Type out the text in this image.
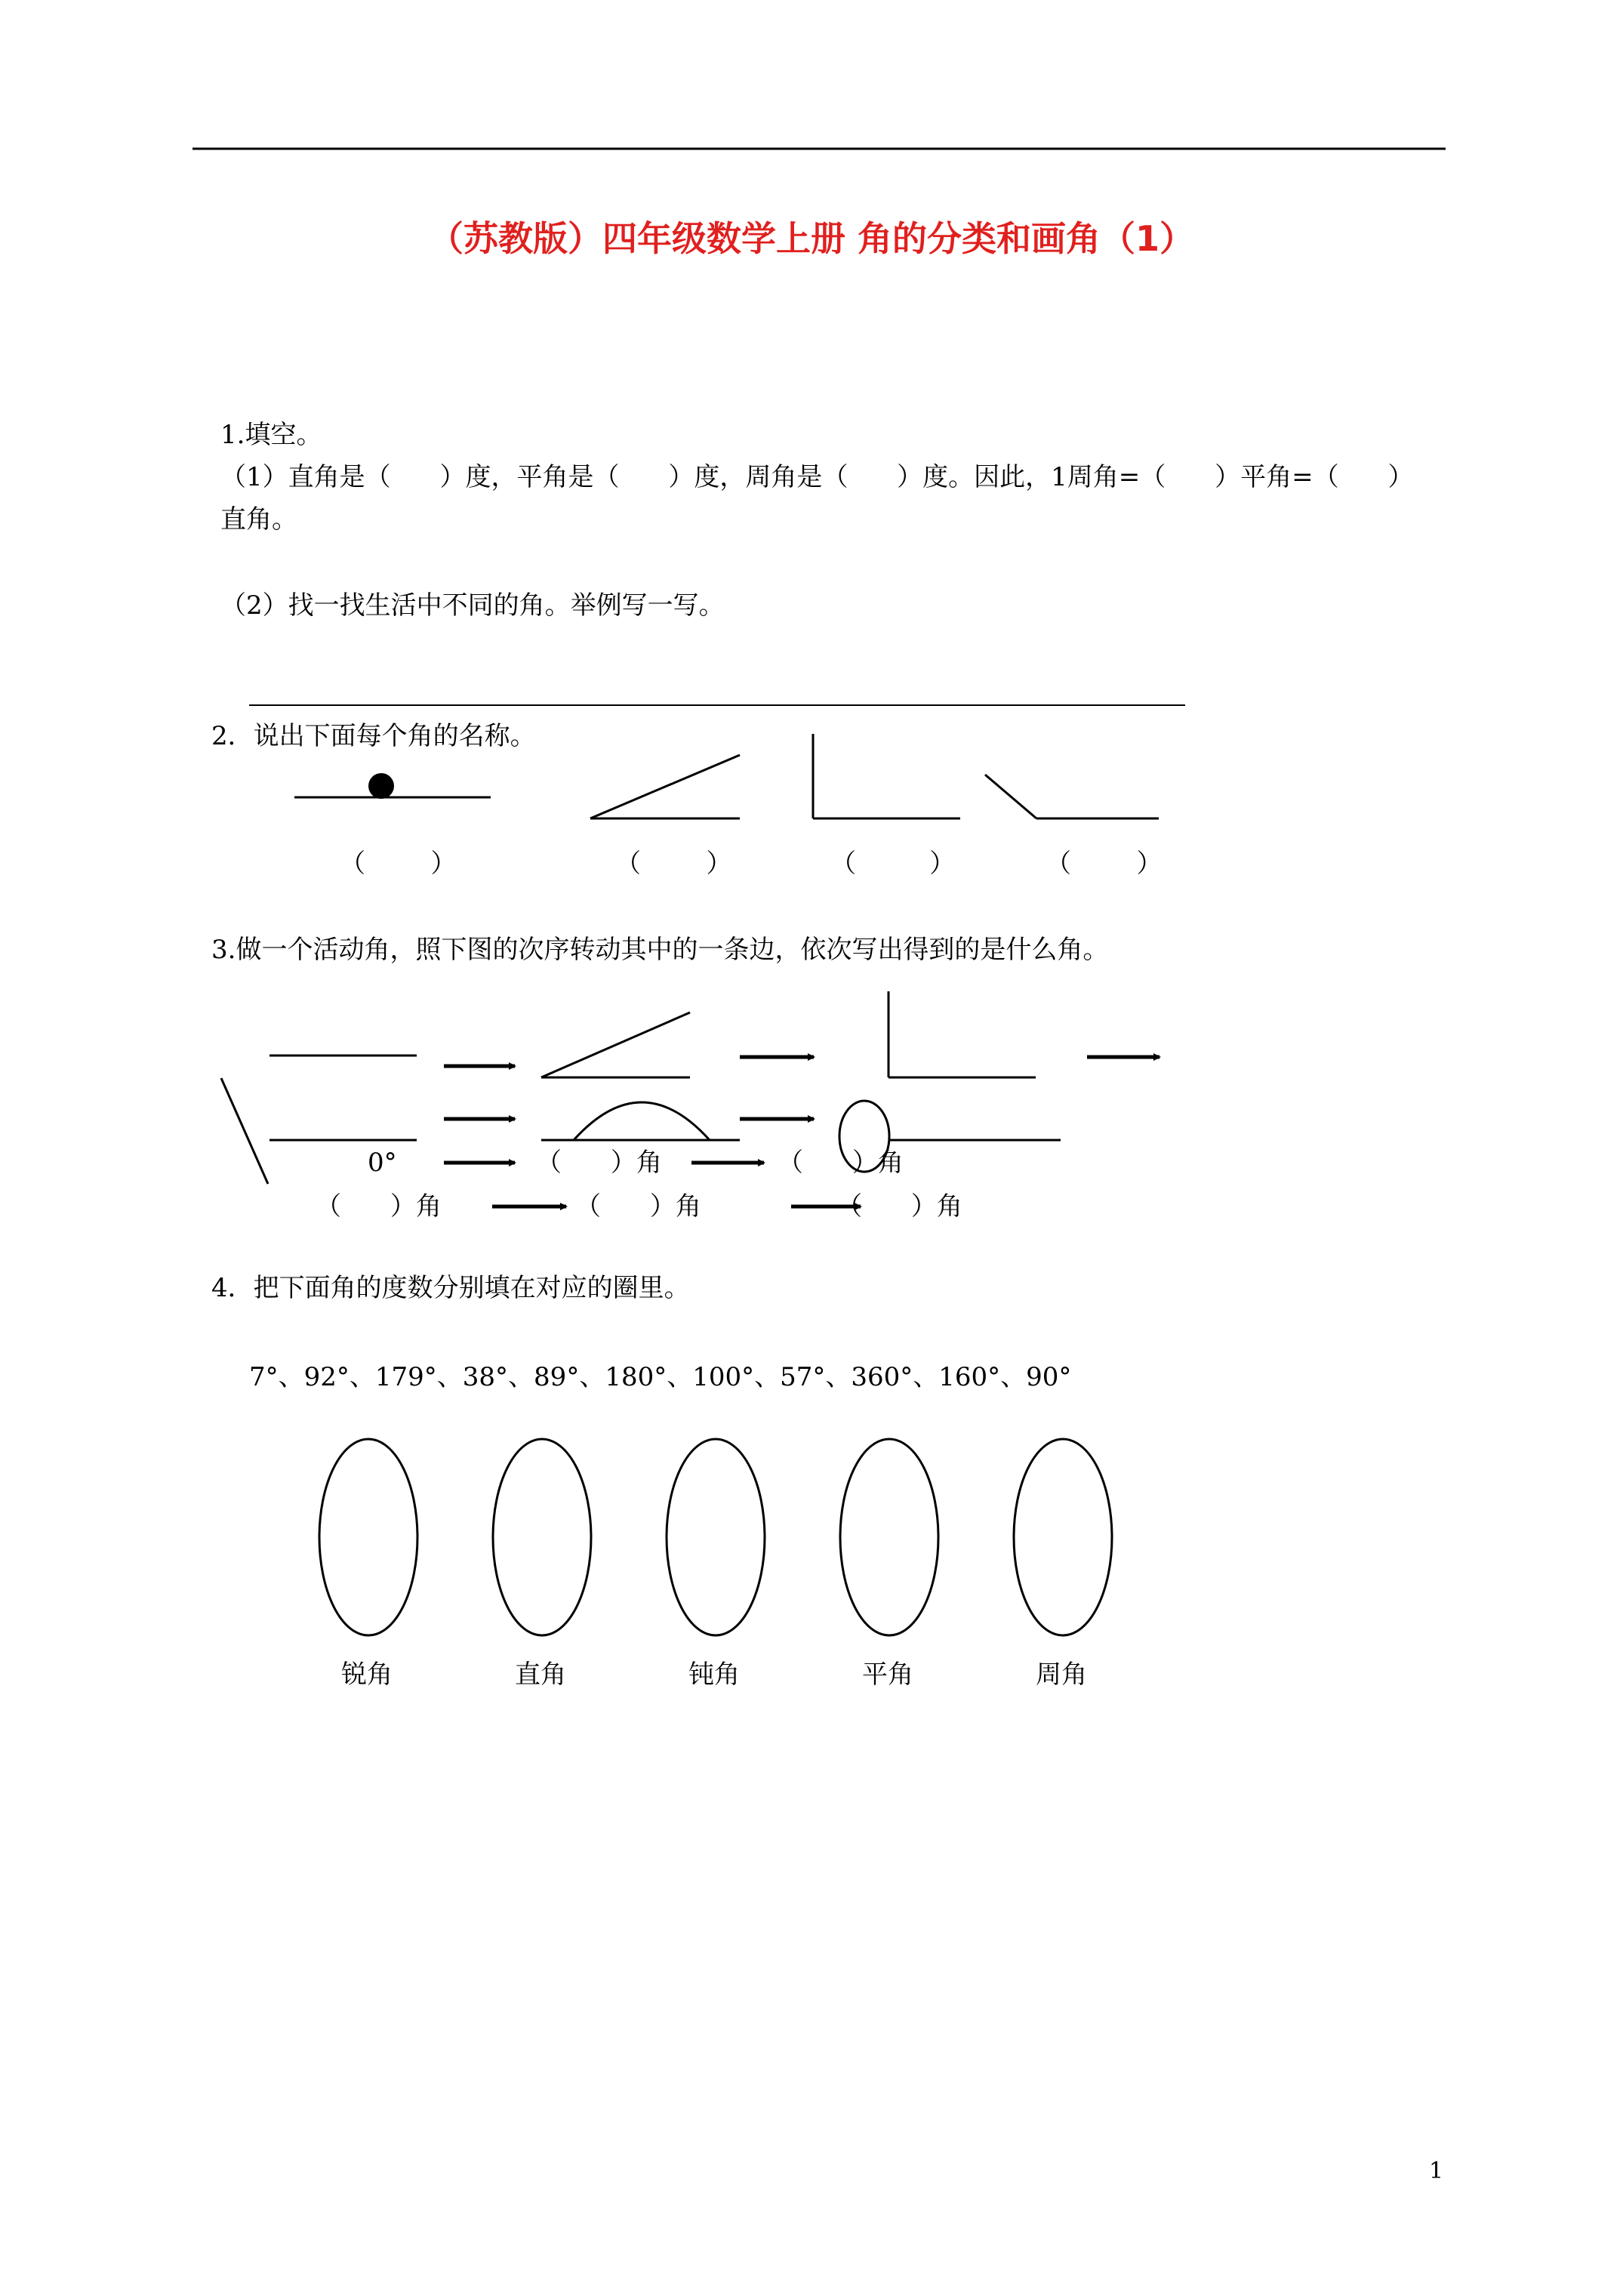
（苏教版）四年级数学上册 角的分类和画角（1）
1.填空。
（1）直角是（      ）度，平角是（      ）度，周角是（      ）度。因此，1周角=（      ）平角=（      ）
直角。
（2）找一找生活中不同的角。举例写一写。
2．说出下面每个角的名称。
（        ）	（        ）	（         ）	（        ）
3.做一个活动角，照下图的次序转动其中的一条边，依次写出得到的是什么角。
0°	（      ）角	（      ）角
（      ）角	（      ）角	（      ）角
4．把下面角的度数分别填在对应的圈里。
7°、92°、179°、38°、89°、180°、100°、57°、360°、160°、90°
锐角	直角	钝角	平角	周角
1
